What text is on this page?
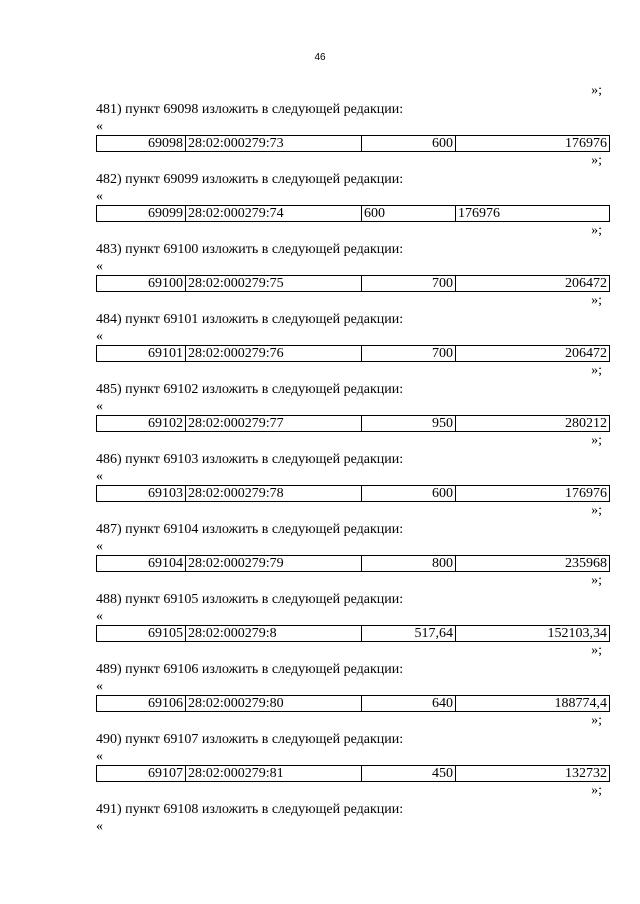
46
»;
481) пункт 69098 изложить в следующей редакции:
«
69098	28:02:000279:73	600	176976
»;
482) пункт 69099 изложить в следующей редакции:
«
69099	28:02:000279:74	600	176976
»;
483) пункт 69100 изложить в следующей редакции:
«
69100	28:02:000279:75	700	206472
»;
484) пункт 69101 изложить в следующей редакции:
«
69101	28:02:000279:76	700	206472
»;
485) пункт 69102 изложить в следующей редакции:
«
69102	28:02:000279:77	950	280212
»;
486) пункт 69103 изложить в следующей редакции:
«
69103	28:02:000279:78	600	176976
»;
487) пункт 69104 изложить в следующей редакции:
«
69104	28:02:000279:79	800	235968
»;
488) пункт 69105 изложить в следующей редакции:
«
69105	28:02:000279:8	517,64	152103,34
»;
489) пункт 69106 изложить в следующей редакции:
«
69106	28:02:000279:80	640	188774,4
»;
490) пункт 69107 изложить в следующей редакции:
«
69107	28:02:000279:81	450	132732
»;
491) пункт 69108 изложить в следующей редакции:
«
